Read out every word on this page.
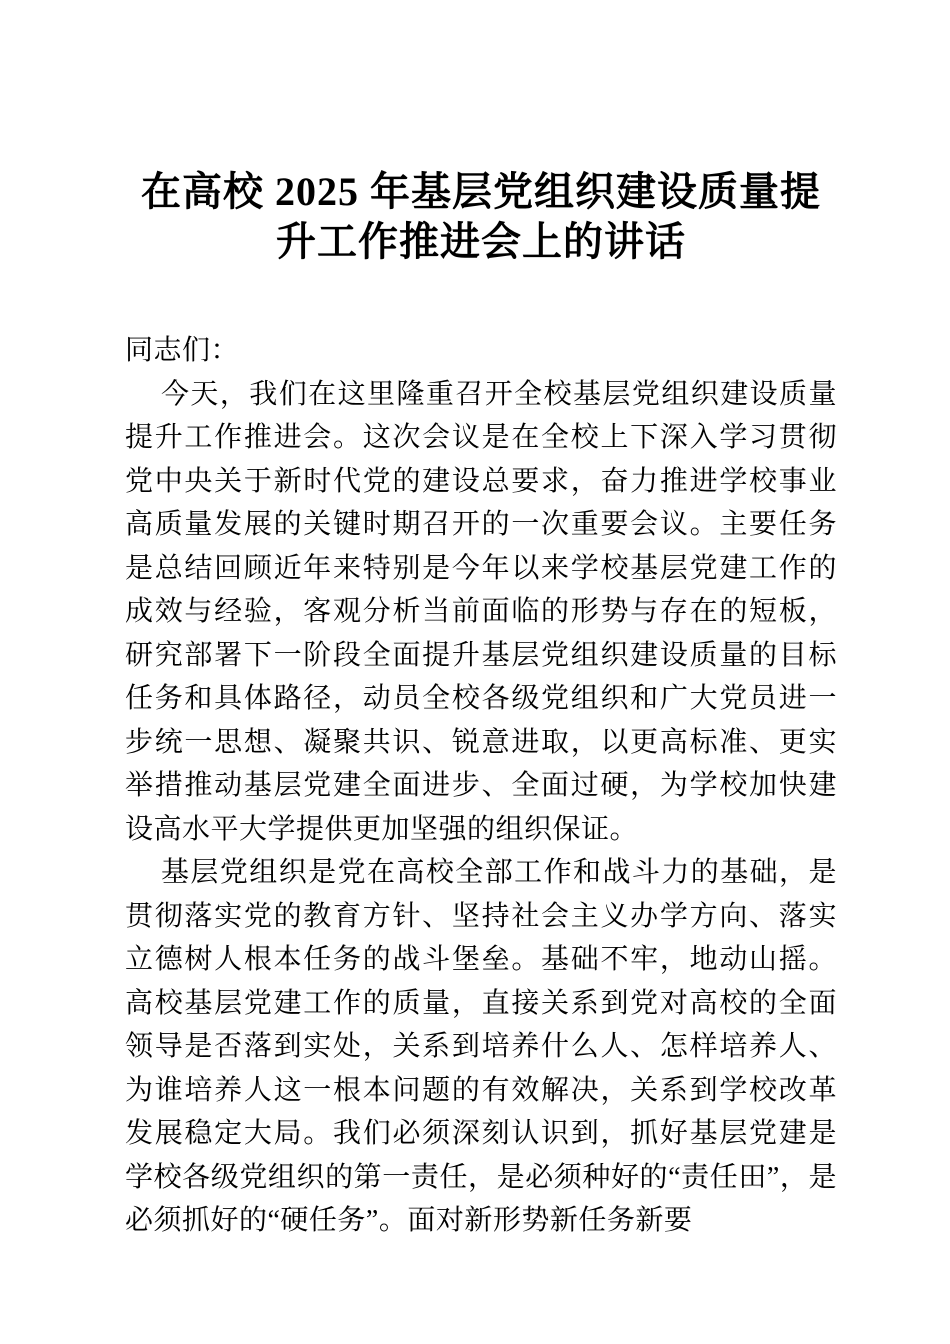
在高校 2025 年基层党组织建设质量提
升工作推进会上的讲话

同志们：

今天，我们在这里隆重召开全校基层党组织建设质量提升工作推进会。这次会议是在全校上下深入学习贯彻党中央关于新时代党的建设总要求，奋力推进学校事业高质量发展的关键时期召开的一次重要会议。主要任务是总结回顾近年来特别是今年以来学校基层党建工作的成效与经验，客观分析当前面临的形势与存在的短板，研究部署下一阶段全面提升基层党组织建设质量的目标任务和具体路径，动员全校各级党组织和广大党员进一步统一思想、凝聚共识、锐意进取，以更高标准、更实举措推动基层党建全面进步、全面过硬，为学校加快建设高水平大学提供更加坚强的组织保证。

基层党组织是党在高校全部工作和战斗力的基础，是贯彻落实党的教育方针、坚持社会主义办学方向、落实立德树人根本任务的战斗堡垒。基础不牢，地动山摇。高校基层党建工作的质量，直接关系到党对高校的全面领导是否落到实处，关系到培养什么人、怎样培养人、为谁培养人这一根本问题的有效解决，关系到学校改革发展稳定大局。我们必须深刻认识到，抓好基层党建是学校各级党组织的第一责任，是必须种好的“责任田”，是必须抓好的“硬任务”。面对新形势新任务新要
